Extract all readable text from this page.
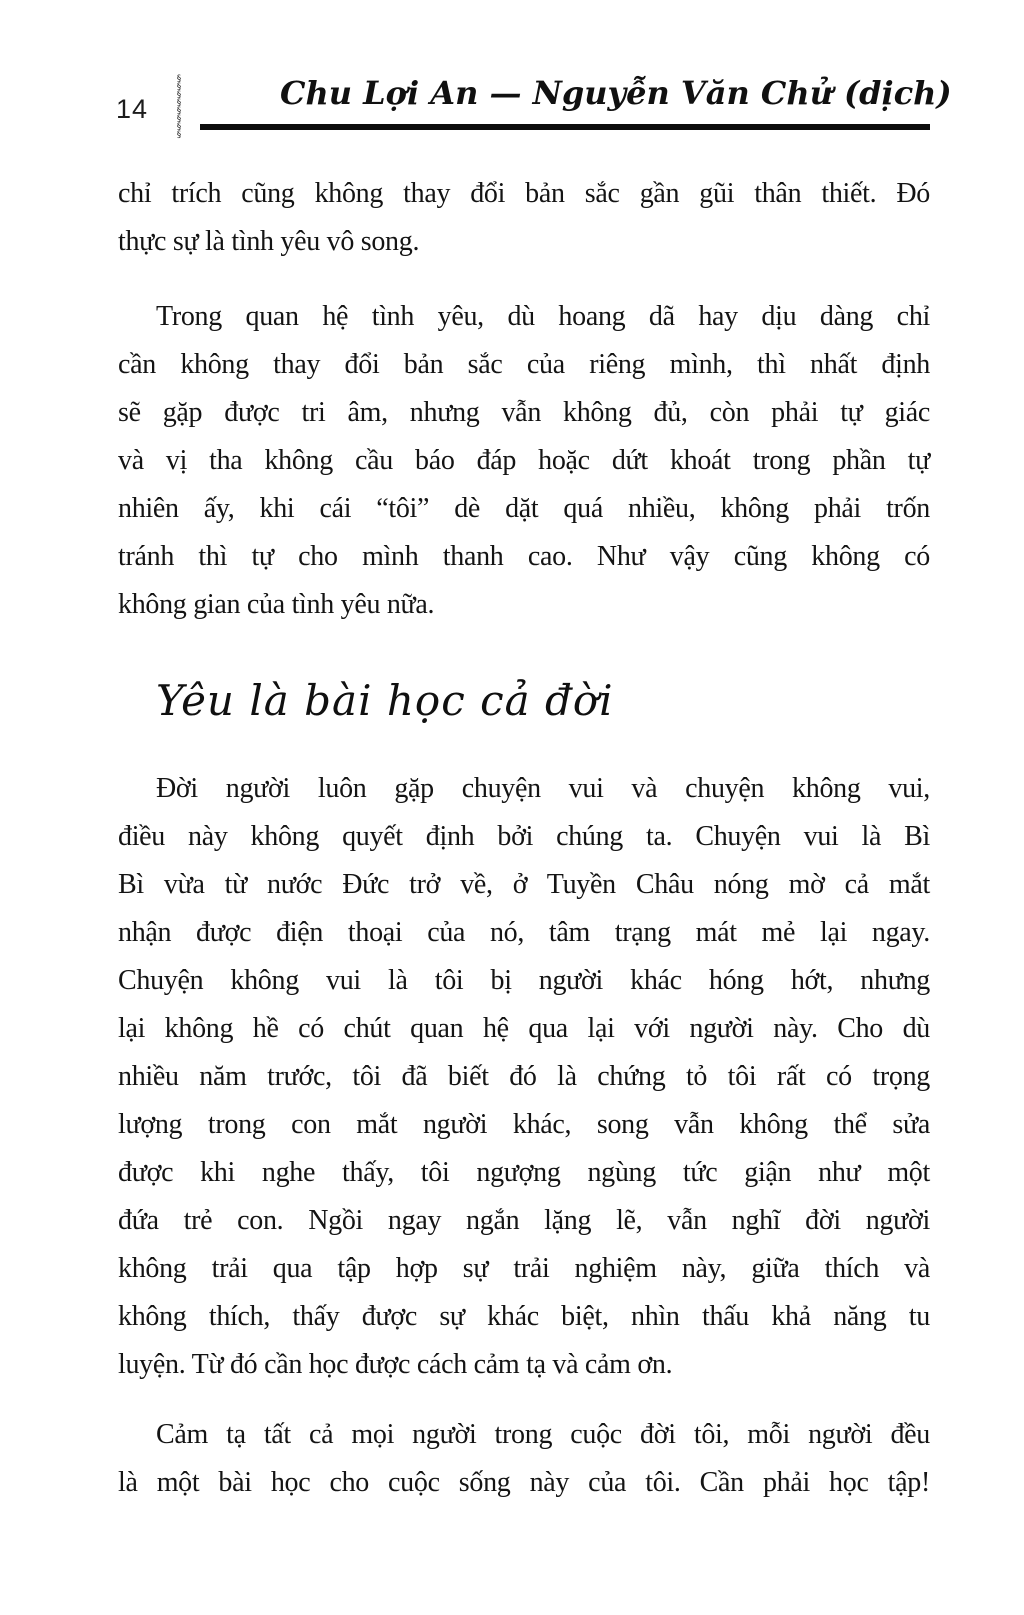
14	§§§§§§§§	Chu Lợi An — Nguyễn Văn Chử (dịch)

chỉ trích cũng không thay đổi bản sắc gần gũi thân thiết. Đó
thực sự là tình yêu vô song.

Trong quan hệ tình yêu, dù hoang dã hay dịu dàng chỉ
cần không thay đổi bản sắc của riêng mình, thì nhất định
sẽ gặp được tri âm, nhưng vẫn không đủ, còn phải tự giác
và vị tha không cầu báo đáp hoặc dứt khoát trong phần tự
nhiên ấy, khi cái “tôi” dè dặt quá nhiều, không phải trốn
tránh thì tự cho mình thanh cao. Như vậy cũng không có
không gian của tình yêu nữa.

Yêu là bài học cả đời

Đời người luôn gặp chuyện vui và chuyện không vui,
điều này không quyết định bởi chúng ta. Chuyện vui là Bì
Bì vừa từ nước Đức trở về, ở Tuyền Châu nóng mờ cả mắt
nhận được điện thoại của nó, tâm trạng mát mẻ lại ngay.
Chuyện không vui là tôi bị người khác hóng hớt, nhưng
lại không hề có chút quan hệ qua lại với người này. Cho dù
nhiều năm trước, tôi đã biết đó là chứng tỏ tôi rất có trọng
lượng trong con mắt người khác, song vẫn không thể sửa
được khi nghe thấy, tôi ngượng ngùng tức giận như một
đứa trẻ con. Ngồi ngay ngắn lặng lẽ, vẫn nghĩ đời người
không trải qua tập hợp sự trải nghiệm này, giữa thích và
không thích, thấy được sự khác biệt, nhìn thấu khả năng tu
luyện. Từ đó cần học được cách cảm tạ và cảm ơn.

Cảm tạ tất cả mọi người trong cuộc đời tôi, mỗi người đều
là một bài học cho cuộc sống này của tôi. Cần phải học tập!
